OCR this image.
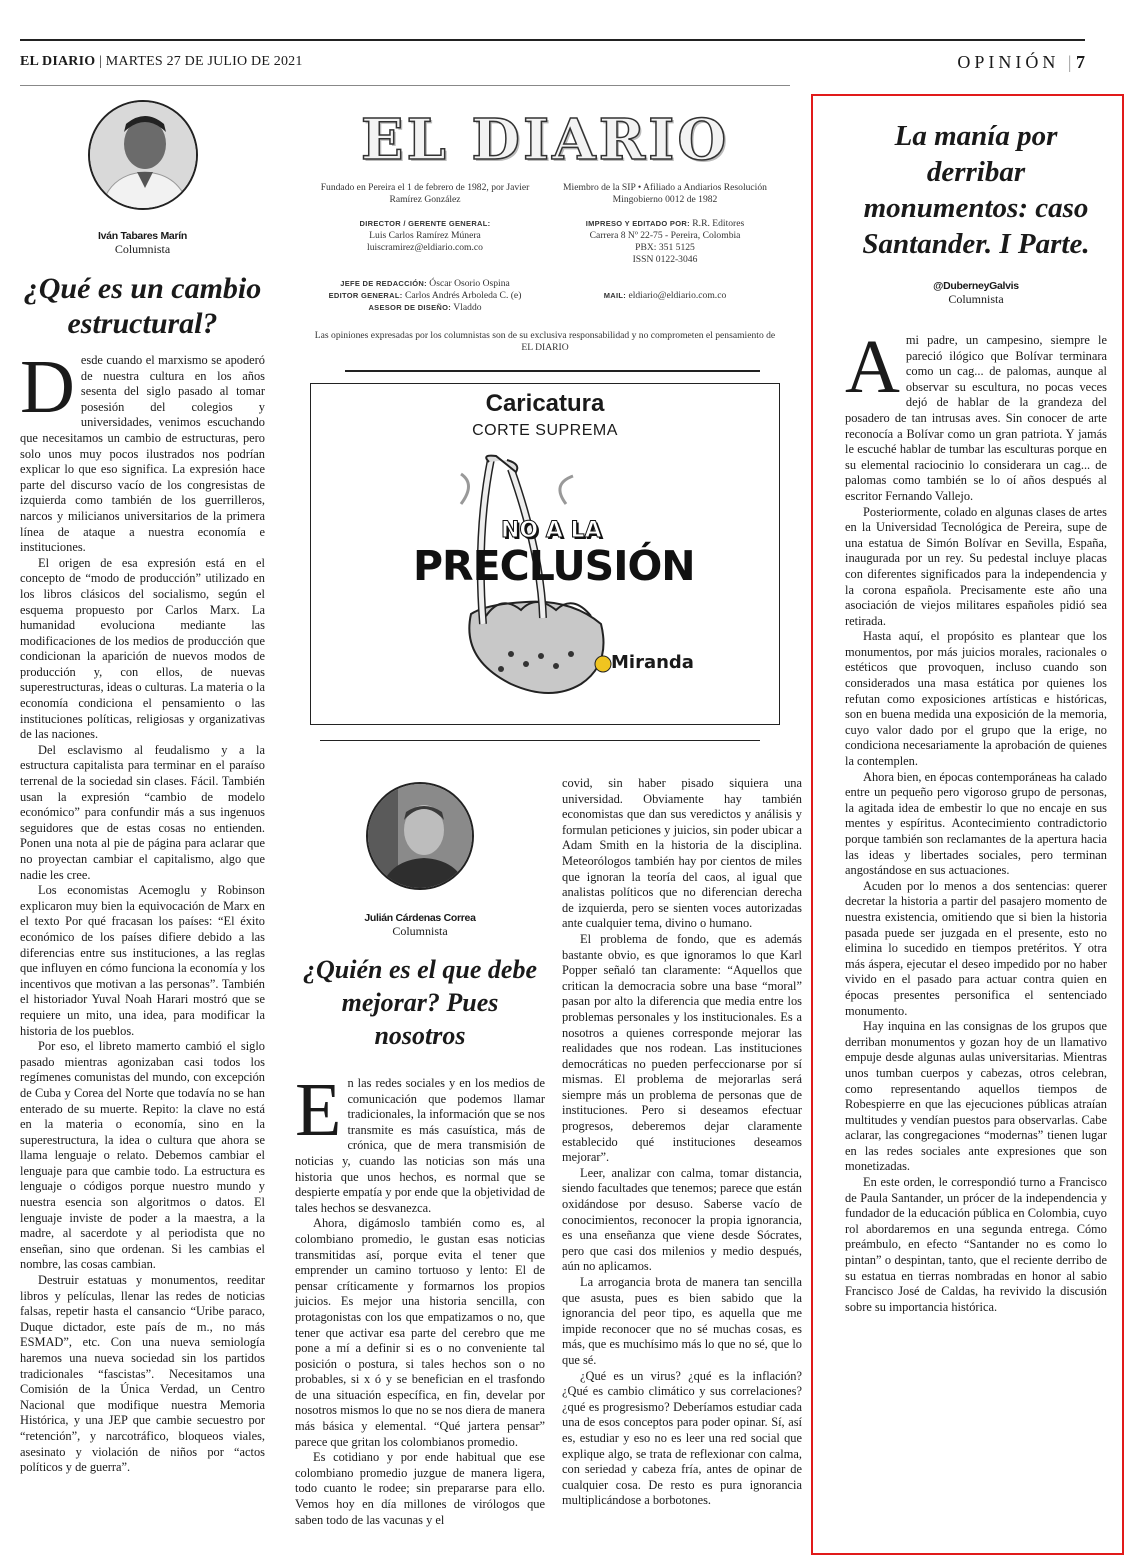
EL DIARIO | MARTES 27 DE JULIO DE 2021	OPINIÓN | 7
Iván Tabares Marín
Columnista
¿Qué es un cambio estructural?

Desde cuando el marxismo se apoderó de nuestra cultura en los años sesenta del siglo pasado al tomar posesión del colegios y universidades, venimos escuchando que necesitamos un cambio de estructuras, pero solo unos muy pocos ilustrados nos podrían explicar lo que eso significa. La expresión hace parte del discurso vacío de los congresistas de izquierda como también de los guerrilleros, narcos y milicianos universitarios de la primera línea de ataque a nuestra economía e instituciones.

El origen de esa expresión está en el concepto de “modo de producción” utilizado en los libros clásicos del socialismo, según el esquema propuesto por Carlos Marx. La humanidad evoluciona mediante las modificaciones de los medios de producción que condicionan la aparición de nuevos modos de producción y, con ellos, de nuevas superestructuras, ideas o culturas. La materia o la economía condiciona el pensamiento o las instituciones políticas, religiosas y organizativas de las naciones.

Del esclavismo al feudalismo y a la estructura capitalista para terminar en el paraíso terrenal de la sociedad sin clases. Fácil. También usan la expresión “cambio de modelo económico” para confundir más a sus ingenuos seguidores que de estas cosas no entienden. Ponen una nota al pie de página para aclarar que no proyectan cambiar el capitalismo, algo que nadie les cree.

Los economistas Acemoglu y Robinson explicaron muy bien la equivocación de Marx en el texto Por qué fracasan los países: “El éxito económico de los países difiere debido a las diferencias entre sus instituciones, a las reglas que influyen en cómo funciona la economía y los incentivos que motivan a las personas”. También el historiador Yuval Noah Harari mostró que se requiere un mito, una idea, para modificar la historia de los pueblos.

Por eso, el libreto mamerto cambió el siglo pasado mientras agonizaban casi todos los regímenes comunistas del mundo, con excepción de Cuba y Corea del Norte que todavía no se han enterado de su muerte. Repito: la clave no está en la materia o economía, sino en la superestructura, la idea o cultura que ahora se llama lenguaje o relato. Debemos cambiar el lenguaje para que cambie todo. La estructura es lenguaje o códigos porque nuestro mundo y nuestra esencia son algoritmos o datos. El lenguaje inviste de poder a la maestra, a la madre, al sacerdote y al periodista que no enseñan, sino que ordenan. Si les cambias el nombre, las cosas cambian.

Destruir estatuas y monumentos, reeditar libros y películas, llenar las redes de noticias falsas, repetir hasta el cansancio “Uribe paraco, Duque dictador, este país de m., no más ESMAD”, etc. Con una nueva semiología haremos una nueva sociedad sin los partidos tradicionales “fascistas”. Necesitamos una Comisión de la Única Verdad, un Centro Nacional que modifique nuestra Memoria Histórica, y una JEP que cambie secuestro por “retención”, y narcotráfico, bloqueos viales, asesinato y violación de niños por “actos políticos y de guerra”.

EL DIARIO
Fundado en Pereira el 1 de febrero de 1982, por Javier Ramírez González
Miembro de la SIP • Afiliado a Andiarios Resolución Mingobierno 0012 de 1982
DIRECTOR / GERENTE GENERAL:
Luis Carlos Ramírez Múnera
luiscramirez@eldiario.com.co
IMPRESO Y EDITADO POR: R.R. Editores
Carrera 8 Nº 22-75 - Pereira, Colombia
PBX: 351 5125
ISSN 0122-3046
JEFE DE REDACCIÓN: Óscar Osorio Ospina
EDITOR GENERAL: Carlos Andrés Arboleda C. (e)
ASESOR DE DISEÑO: Vladdo
MAIL: eldiario@eldiario.com.co
Las opiniones expresadas por los columnistas son de su exclusiva responsabilidad y no comprometen el pensamiento de EL DIARIO
Caricatura
CORTE SUPREMA
NO A LA
PRECLUSIÓN
Miranda
Julián Cárdenas Correa
Columnista
¿Quién es el que debe mejorar? Pues nosotros

En las redes sociales y en los medios de comunicación que podemos llamar tradicionales, la información que se nos transmite es más casuística, más de crónica, que de mera transmisión de noticias y, cuando las noticias son más una historia que unos hechos, es normal que se despierte empatía y por ende que la objetividad de tales hechos se desvanezca.

Ahora, digámoslo también como es, al colombiano promedio, le gustan esas noticias transmitidas así, porque evita el tener que emprender un camino tortuoso y lento: El de pensar críticamente y formarnos los propios juicios. Es mejor una historia sencilla, con protagonistas con los que empatizamos o no, que tener que activar esa parte del cerebro que me pone a mí a definir si es o no conveniente tal posición o postura, si tales hechos son o no probables, si x ó y se benefician en el trasfondo de una situación específica, en fin, develar por nosotros mismos lo que no se nos diera de manera más básica y elemental. “Qué jartera pensar” parece que gritan los colombianos promedio.

Es cotidiano y por ende habitual que ese colombiano promedio juzgue de manera ligera, todo cuanto le rodee; sin prepararse para ello. Vemos hoy en día millones de virólogos que saben todo de las vacunas y el

covid, sin haber pisado siquiera una universidad. Obviamente hay también economistas que dan sus veredictos y análisis y formulan peticiones y juicios, sin poder ubicar a Adam Smith en la historia de la disciplina. Meteorólogos también hay por cientos de miles que ignoran la teoría del caos, al igual que analistas políticos que no diferencian derecha de izquierda, pero se sienten voces autorizadas ante cualquier tema, divino o humano.

El problema de fondo, que es además bastante obvio, es que ignoramos lo que Karl Popper señaló tan claramente: “Aquellos que critican la democracia sobre una base “moral” pasan por alto la diferencia que media entre los problemas personales y los institucionales. Es a nosotros a quienes corresponde mejorar las realidades que nos rodean. Las instituciones democráticas no pueden perfeccionarse por sí mismas. El problema de mejorarlas será siempre más un problema de personas que de instituciones. Pero si deseamos efectuar progresos, deberemos dejar claramente establecido qué instituciones deseamos mejorar”.

Leer, analizar con calma, tomar distancia, siendo facultades que tenemos; parece que están oxidándose por desuso. Saberse vacío de conocimientos, reconocer la propia ignorancia, es una enseñanza que viene desde Sócrates, pero que casi dos milenios y medio después, aún no aplicamos.

La arrogancia brota de manera tan sencilla que asusta, pues es bien sabido que la ignorancia del peor tipo, es aquella que me impide reconocer que no sé muchas cosas, es más, que es muchísimo más lo que no sé, que lo que sé.

¿Qué es un virus? ¿qué es la inflación? ¿Qué es cambio climático y sus correlaciones? ¿qué es progresismo? Deberíamos estudiar cada una de esos conceptos para poder opinar. Sí, así es, estudiar y eso no es leer una red social que explique algo, se trata de reflexionar con calma, con seriedad y cabeza fría, antes de opinar de cualquier cosa. De resto es pura ignorancia multiplicándose a borbotones.

La manía por derribar monumentos: caso Santander. I Parte.
@DuberneyGalvis
Columnista

Ami padre, un campesino, siempre le pareció ilógico que Bolívar terminara como un cag... de palomas, aunque al observar su escultura, no pocas veces dejó de hablar de la grandeza del posadero de tan intrusas aves. Sin conocer de arte reconocía a Bolívar como un gran patriota. Y jamás le escuché hablar de tumbar las esculturas porque en su elemental raciocinio lo considerara un cag... de palomas como también se lo oí años después al escritor Fernando Vallejo.

Posteriormente, colado en algunas clases de artes en la Universidad Tecnológica de Pereira, supe de una estatua de Simón Bolívar en Sevilla, España, inaugurada por un rey. Su pedestal incluye placas con diferentes significados para la independencia y la corona española. Precisamente este año una asociación de viejos militares españoles pidió sea retirada.

Hasta aquí, el propósito es plantear que los monumentos, por más juicios morales, racionales o estéticos que provoquen, incluso cuando son considerados una masa estática por quienes los refutan como exposiciones artísticas e históricas, son en buena medida una exposición de la memoria, cuyo valor dado por el grupo que la erige, no condiciona necesariamente la aprobación de quienes la contemplen.

Ahora bien, en épocas contemporáneas ha calado entre un pequeño pero vigoroso grupo de personas, la agitada idea de embestir lo que no encaje en sus mentes y espíritus. Acontecimiento contradictorio porque también son reclamantes de la apertura hacia las ideas y libertades sociales, pero terminan angostándose en sus actuaciones.

Acuden por lo menos a dos sentencias: querer decretar la historia a partir del pasajero momento de nuestra existencia, omitiendo que si bien la historia pasada puede ser juzgada en el presente, esto no elimina lo sucedido en tiempos pretéritos. Y otra más áspera, ejecutar el deseo impedido por no haber vivido en el pasado para actuar contra quien en épocas presentes personifica el sentenciado monumento.

Hay inquina en las consignas de los grupos que derriban monumentos y gozan hoy de un llamativo empuje desde algunas aulas universitarias. Mientras unos tumban cuerpos y cabezas, otros celebran, como representando aquellos tiempos de Robespierre en que las ejecuciones públicas atraían multitudes y vendían puestos para observarlas. Cabe aclarar, las congregaciones “modernas” tienen lugar en las redes sociales ante expresiones que son monetizadas.

En este orden, le correspondió turno a Francisco de Paula Santander, un prócer de la independencia y fundador de la educación pública en Colombia, cuyo rol abordaremos en una segunda entrega. Cómo preámbulo, en efecto “Santander no es como lo pintan” o despintan, tanto, que el reciente derribo de su estatua en tierras nombradas en honor al sabio Francisco José de Caldas, ha revivido la discusión sobre su importancia histórica.
